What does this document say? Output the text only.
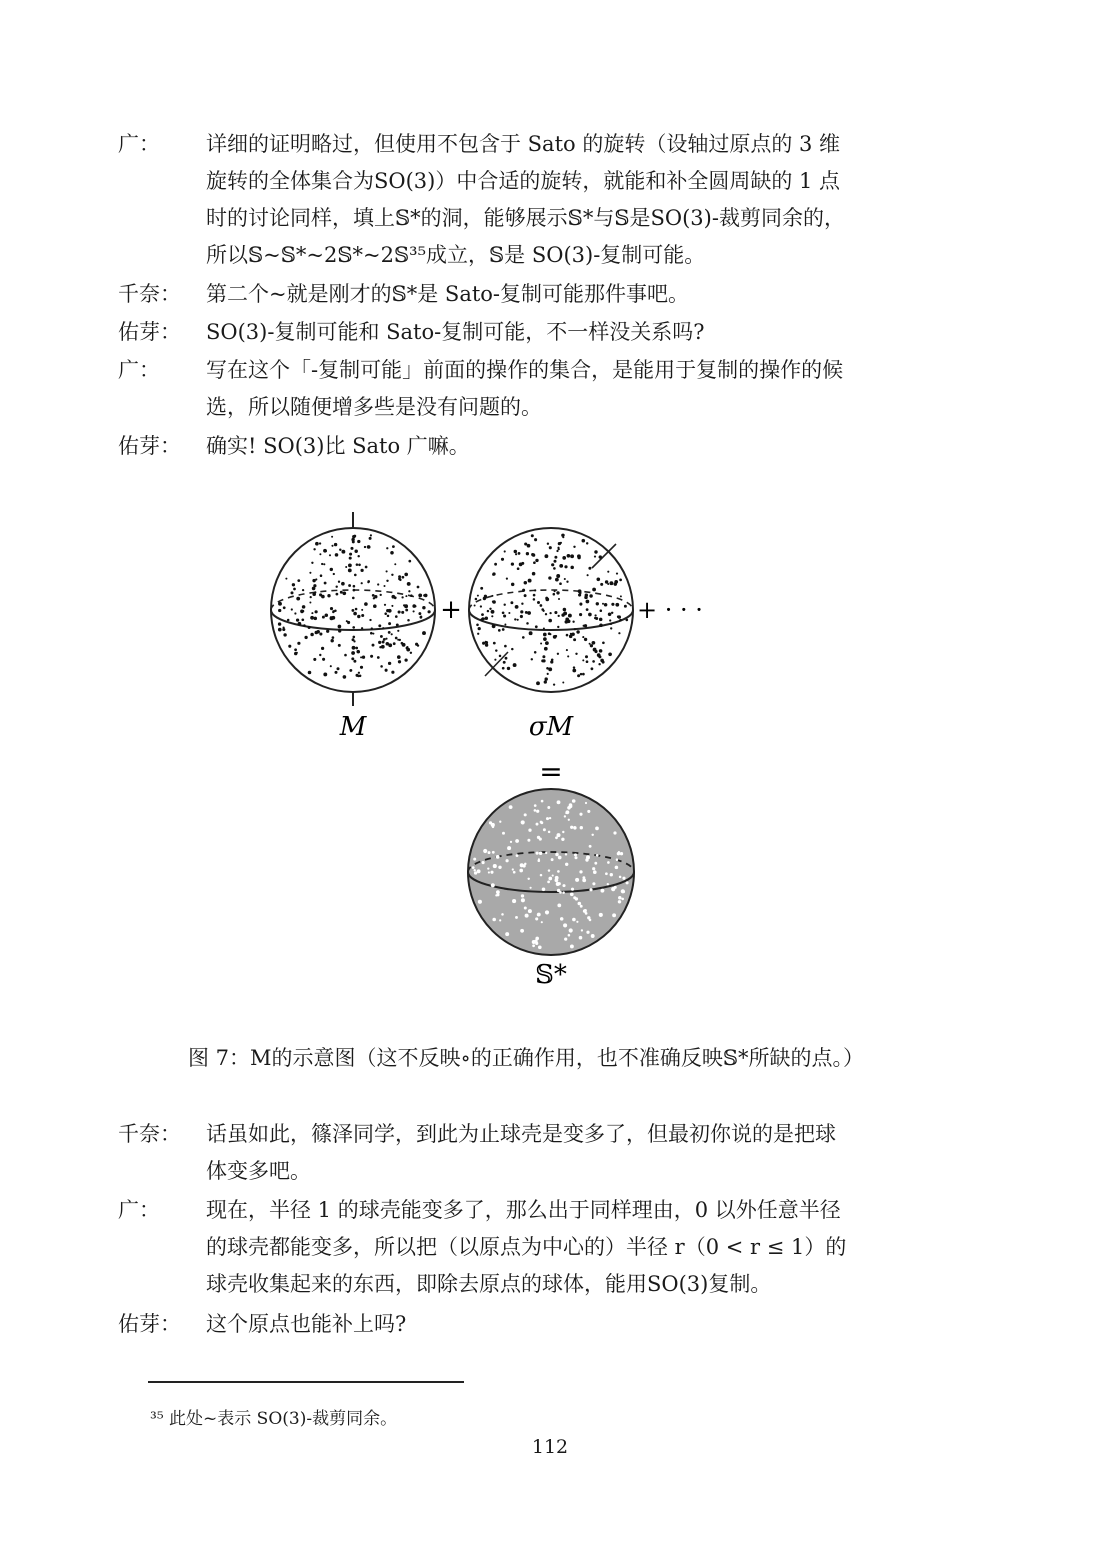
广：	详细的证明略过，但使用不包含于 Sato 的旋转（设轴过原点的 3 维
旋转的全体集合为SO(3)）中合适的旋转，就能和补全圆周缺的 1 点
时的讨论同样，填上𝕊*的洞，能够展示𝕊*与𝕊是SO(3)-裁剪同余的，
所以𝕊~𝕊*~2𝕊*~2𝕊³⁵成立，𝕊是 SO(3)-复制可能。
千奈：	第二个~就是刚才的𝕊*是 Sato-复制可能那件事吧。
佑芽：	SO(3)-复制可能和 Sato-复制可能，不一样没关系吗?
广：	写在这个「-复制可能」前面的操作的集合，是能用于复制的操作的候
选，所以随便增多些是没有问题的。
佑芽：	确实! SO(3)比 Sato 广嘛。
+	+ · · ·
M	σM
=
𝕊*
图 7：M的示意图（这不反映∘的正确作用，也不准确反映𝕊*所缺的点。）
千奈：	话虽如此，篠泽同学，到此为止球壳是变多了，但最初你说的是把球
体变多吧。
广：	现在，半径 1 的球壳能变多了，那么出于同样理由，0 以外任意半径
的球壳都能变多，所以把（以原点为中心的）半径 r（0 < r ≤ 1）的
球壳收集起来的东西，即除去原点的球体，能用SO(3)复制。
佑芽：	这个原点也能补上吗?
³⁵ 此处~表示 SO(3)-裁剪同余。
112
